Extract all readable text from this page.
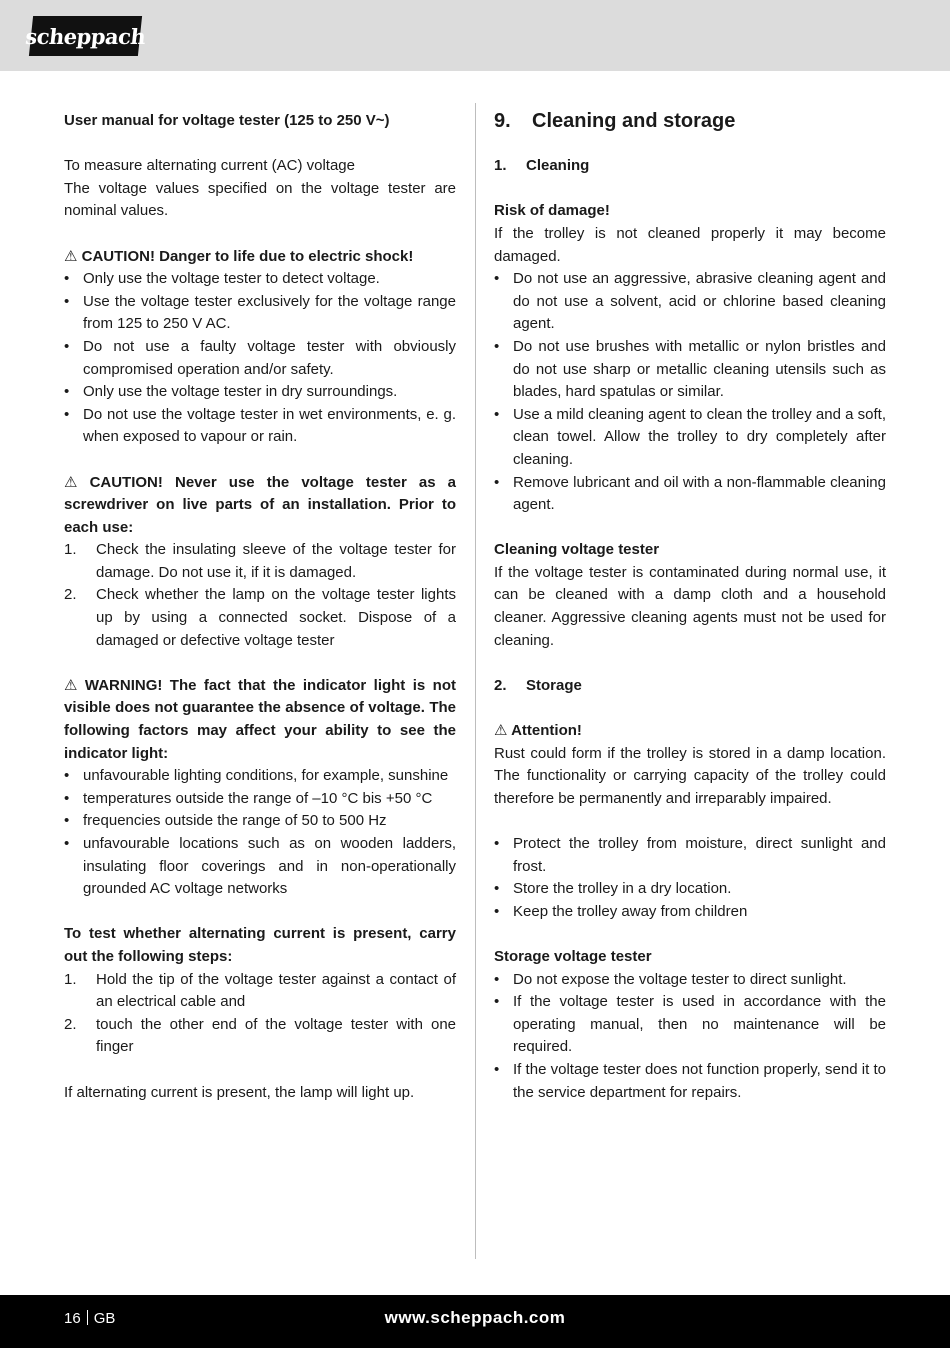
scheppach

User manual for voltage tester (125 to 250 V~)

To measure alternating current (AC) voltage

The voltage values specified on the voltage tester are nominal values.

⚠ CAUTION! Danger to life due to electric shock!

• Only use the voltage tester to detect voltage.
• Use the voltage tester exclusively for the voltage range from 125 to 250 V AC.
• Do not use a faulty voltage tester with obviously compromised operation and/or safety.
• Only use the voltage tester in dry surroundings.
• Do not use the voltage tester in wet environments, e. g. when exposed to vapour or rain.

⚠ CAUTION! Never use the voltage tester as a screwdriver on live parts of an installation. Prior to each use:

1. Check the insulating sleeve of the voltage tester for damage. Do not use it, if it is damaged.
2. Check whether the lamp on the voltage tester lights up by using a connected socket. Dispose of a damaged or defective voltage tester

⚠ WARNING! The fact that the indicator light is not visible does not guarantee the absence of voltage. The following factors may affect your ability to see the indicator light:

• unfavourable lighting conditions, for example, sunshine
• temperatures outside the range of –10 °C bis +50 °C
• frequencies outside the range of 50 to 500 Hz
• unfavourable locations such as on wooden ladders, insulating floor coverings and in non-operationally grounded AC voltage networks

To test whether alternating current is present, carry out the following steps:

1. Hold the tip of the voltage tester against a contact of an electrical cable and
2. touch the other end of the voltage tester with one finger

If alternating current is present, the lamp will light up.

9. Cleaning and storage

1. Cleaning

Risk of damage!

If the trolley is not cleaned properly it may become damaged.

• Do not use an aggressive, abrasive cleaning agent and do not use a solvent, acid or chlorine based cleaning agent.
• Do not use brushes with metallic or nylon bristles and do not use sharp or metallic cleaning utensils such as blades, hard spatulas or similar.
• Use a mild cleaning agent to clean the trolley and a soft, clean towel. Allow the trolley to dry completely after cleaning.
• Remove lubricant and oil with a non-flammable cleaning agent.

Cleaning voltage tester

If the voltage tester is contaminated during normal use, it can be cleaned with a damp cloth and a household cleaner. Aggressive cleaning agents must not be used for cleaning.

2. Storage

⚠ Attention!

Rust could form if the trolley is stored in a damp location. The functionality or carrying capacity of the trolley could therefore be permanently and irreparably impaired.

• Protect the trolley from moisture, direct sunlight and frost.
• Store the trolley in a dry location.
• Keep the trolley away from children

Storage voltage tester

• Do not expose the voltage tester to direct sunlight.
• If the voltage tester is used in accordance with the operating manual, then no maintenance will be required.
• If the voltage tester does not function properly, send it to the service department for repairs.
16 GB	www.scheppach.com
